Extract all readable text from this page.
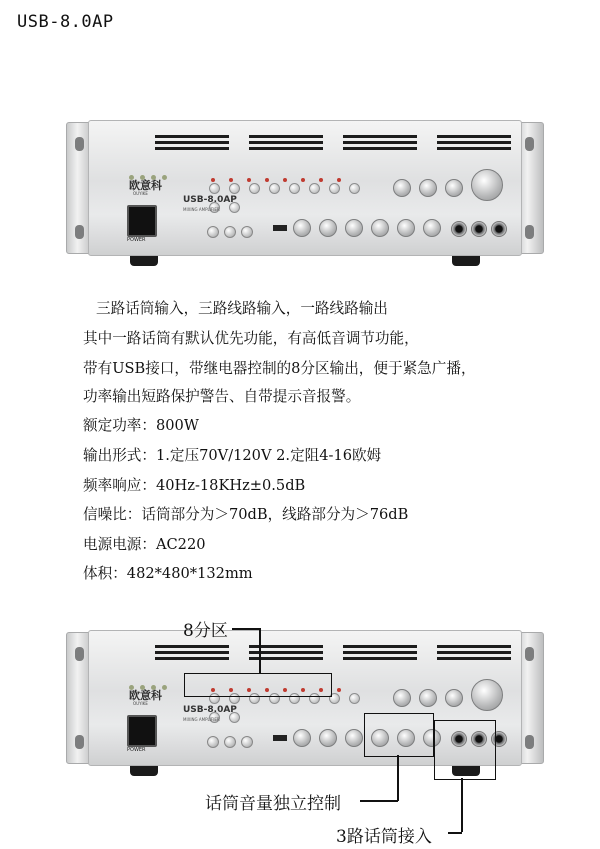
USB-8.0AP
欧意科
OUYIKE
USB-8.0AP
MIXING AMPLIFIER
POWER
三路话筒输入，三路线路输入，一路线路输出
其中一路话筒有默认优先功能，有高低音调节功能，
带有USB接口，带继电器控制的8分区输出，便于紧急广播，
功率输出短路保护警告、自带提示音报警。
额定功率：800W
输出形式：1.定压70V/120V 2.定阻4-16欧姆
频率响应：40Hz-18KHz±0.5dB
信噪比：话筒部分为＞70dB，线路部分为＞76dB
电源电源：AC220
体积：482*480*132mm
欧意科
OUYIKE
USB-8.0AP
MIXING AMPLIFIER
POWER
8分区
话筒音量独立控制
3路话筒接入
